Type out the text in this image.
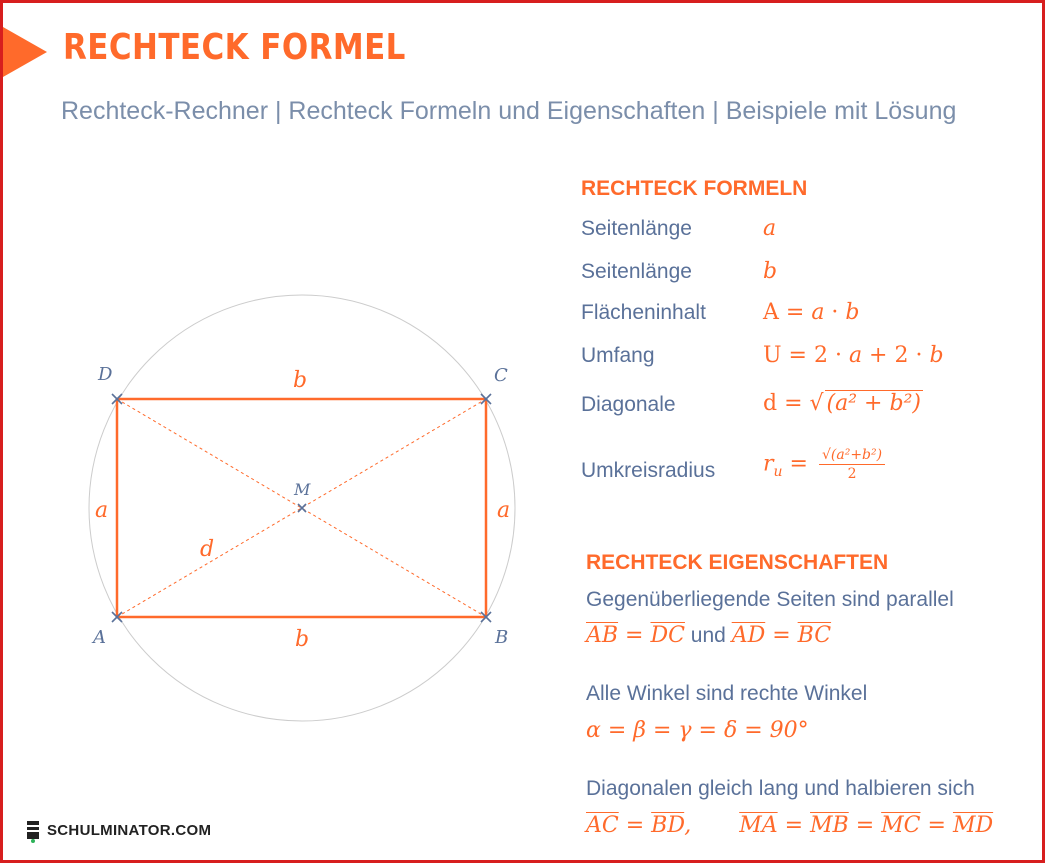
RECHTECK FORMEL
Rechteck-Rechner | Rechteck Formeln und Eigenschaften | Beispiele mit Lösung
D	C
A	B
M
b
b
a	a
d
RECHTECK FORMELN
Seitenlänge	a
Seitenlänge	b
Flächeninhalt	A = a · b
Umfang	U = 2 · a + 2 · b
Diagonale	d = √ (a² + b²)
Umkreisradius $r_u = \frac{\text{√(a²+b²)}}{2}$
RECHTECK EIGENSCHAFTEN
Gegenüberliegende Seiten sind parallel
$\overline{AB} = \overline{DC}$ und $\overline{AD} = \overline{BC}$
Alle Winkel sind rechte Winkel
α = β = γ = δ = 90°
Diagonalen gleich lang und halbieren sich
$\overline{AC} = \overline{BD}$, $\overline{MA} = \overline{MB} = \overline{MC} = \overline{MD}$
SCHULMINATOR.COM
